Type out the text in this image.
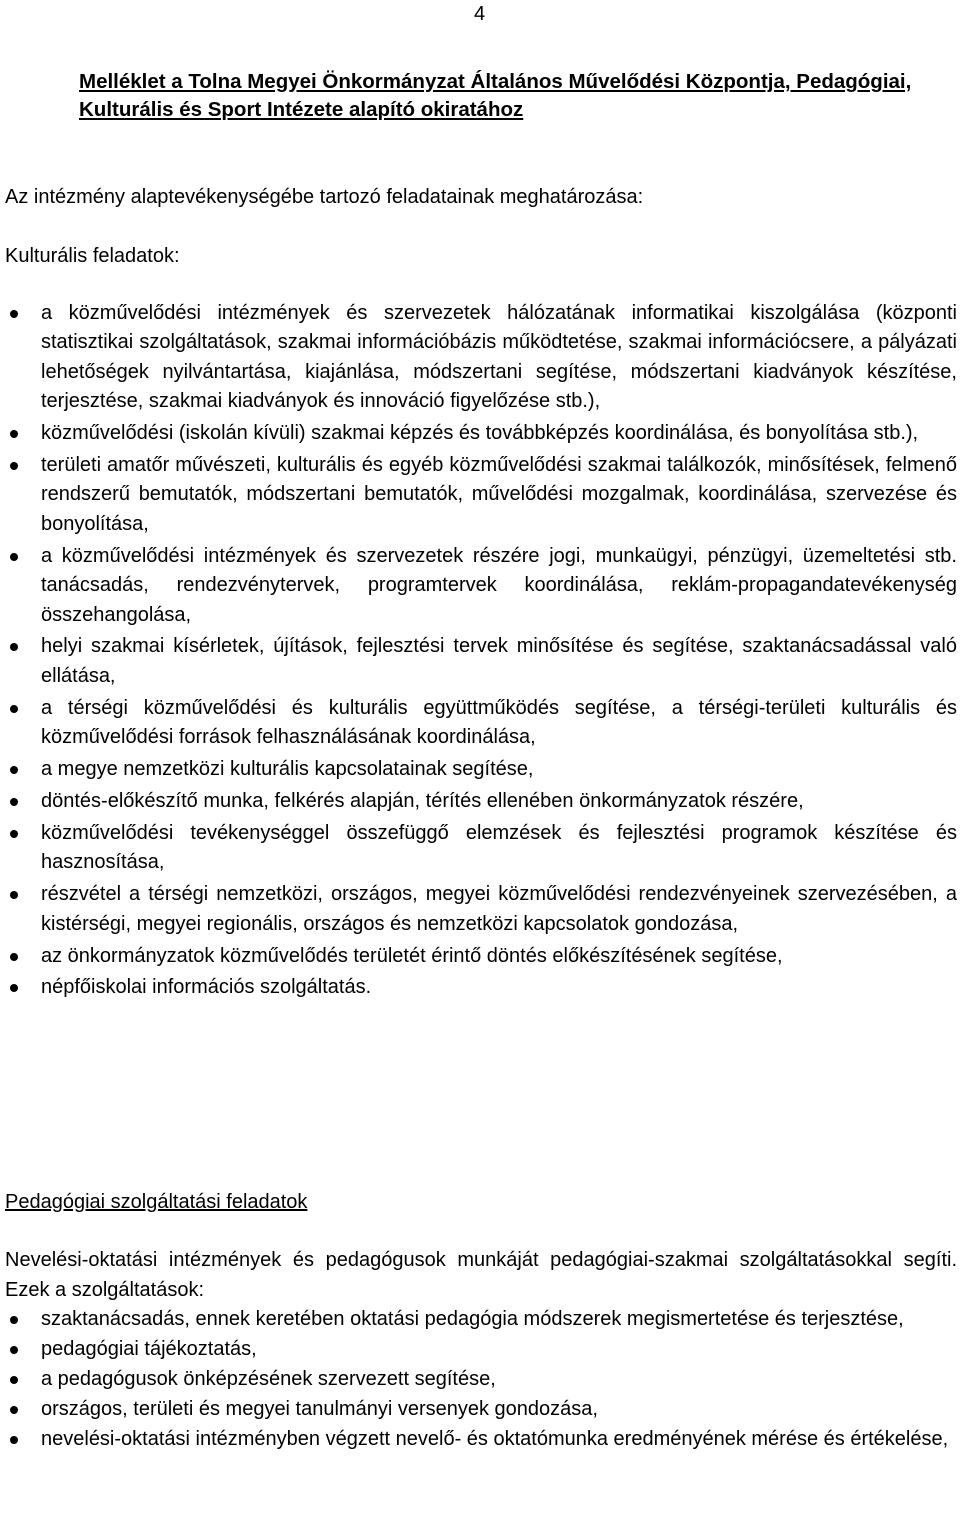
4
Melléklet a Tolna Megyei Önkormányzat Általános Művelődési Központja, Pedagógiai, Kulturális és Sport Intézete alapító okiratához

Az intézmény alaptevékenységébe tartozó feladatainak meghatározása:

Kulturális feladatok:

a közművelődési intézmények és szervezetek hálózatának informatikai kiszolgálása (központi statisztikai szolgáltatások, szakmai információbázis működtetése, szakmai információcsere, a pályázati lehetőségek nyilvántartása, kiajánlása, módszertani segítése, módszertani kiadványok készítése, terjesztése, szakmai kiadványok és innováció figyelőzése stb.),
közművelődési (iskolán kívüli) szakmai képzés és továbbképzés koordinálása, és bonyolítása stb.),
területi amatőr művészeti, kulturális és egyéb közművelődési szakmai találkozók, minősítések, felmenő rendszerű bemutatók, módszertani bemutatók, művelődési mozgalmak, koordinálása, szervezése és bonyolítása,
a közművelődési intézmények és szervezetek részére jogi, munkaügyi, pénzügyi, üzemeltetési stb. tanácsadás, rendezvénytervek, programtervek koordinálása, reklám-propagandatevékenység összehangolása,
helyi szakmai kísérletek, újítások, fejlesztési tervek minősítése és segítése, szaktanácsadással való ellátása,
a térségi közművelődési és kulturális együttműködés segítése, a térségi-területi kulturális és közművelődési források felhasználásának koordinálása,
a megye nemzetközi kulturális kapcsolatainak segítése,
döntés-előkészítő munka, felkérés alapján, térítés ellenében önkormányzatok részére,
közművelődési tevékenységgel összefüggő elemzések és fejlesztési programok készítése és hasznosítása,
részvétel a térségi nemzetközi, országos, megyei közművelődési rendezvényeinek szervezésében, a kistérségi, megyei regionális, országos és nemzetközi kapcsolatok gondozása,
az önkormányzatok közművelődés területét érintő döntés előkészítésének segítése,
népfőiskolai információs szolgáltatás.

Pedagógiai szolgáltatási feladatok

Nevelési-oktatási intézmények és pedagógusok munkáját pedagógiai-szakmai szolgáltatásokkal segíti. Ezek a szolgáltatások:

szaktanácsadás, ennek keretében oktatási pedagógia módszerek megismertetése és terjesztése,
pedagógiai tájékoztatás,
a pedagógusok önképzésének szervezett segítése,
országos, területi és megyei tanulmányi versenyek gondozása,
nevelési-oktatási intézményben végzett nevelő- és oktatómunka eredményének mérése és értékelése,
